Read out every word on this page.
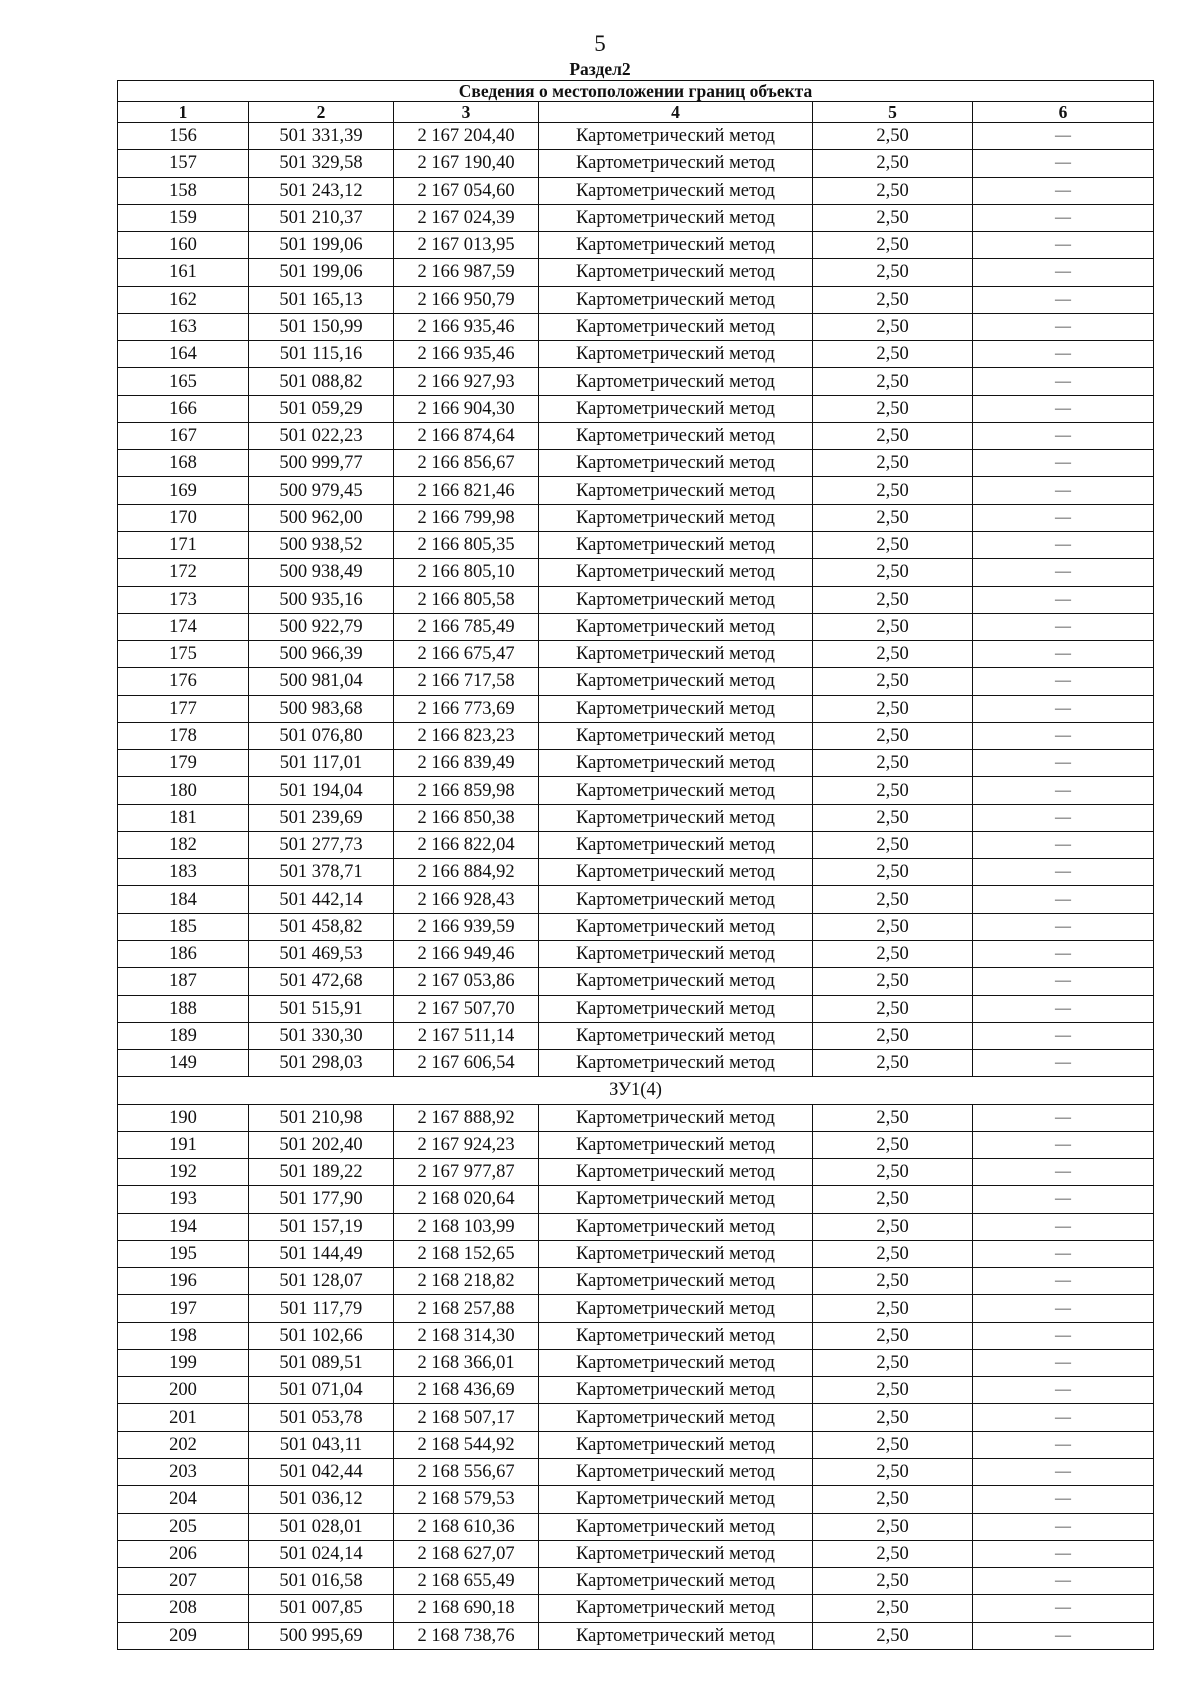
5
Раздел2
Сведения о местоположении границ объекта					
1	2	3	4	5	6
156	501 331,39	2 167 204,40	Картометрический метод	2,50	—
157	501 329,58	2 167 190,40	Картометрический метод	2,50	—
158	501 243,12	2 167 054,60	Картометрический метод	2,50	—
159	501 210,37	2 167 024,39	Картометрический метод	2,50	—
160	501 199,06	2 167 013,95	Картометрический метод	2,50	—
161	501 199,06	2 166 987,59	Картометрический метод	2,50	—
162	501 165,13	2 166 950,79	Картометрический метод	2,50	—
163	501 150,99	2 166 935,46	Картометрический метод	2,50	—
164	501 115,16	2 166 935,46	Картометрический метод	2,50	—
165	501 088,82	2 166 927,93	Картометрический метод	2,50	—
166	501 059,29	2 166 904,30	Картометрический метод	2,50	—
167	501 022,23	2 166 874,64	Картометрический метод	2,50	—
168	500 999,77	2 166 856,67	Картометрический метод	2,50	—
169	500 979,45	2 166 821,46	Картометрический метод	2,50	—
170	500 962,00	2 166 799,98	Картометрический метод	2,50	—
171	500 938,52	2 166 805,35	Картометрический метод	2,50	—
172	500 938,49	2 166 805,10	Картометрический метод	2,50	—
173	500 935,16	2 166 805,58	Картометрический метод	2,50	—
174	500 922,79	2 166 785,49	Картометрический метод	2,50	—
175	500 966,39	2 166 675,47	Картометрический метод	2,50	—
176	500 981,04	2 166 717,58	Картометрический метод	2,50	—
177	500 983,68	2 166 773,69	Картометрический метод	2,50	—
178	501 076,80	2 166 823,23	Картометрический метод	2,50	—
179	501 117,01	2 166 839,49	Картометрический метод	2,50	—
180	501 194,04	2 166 859,98	Картометрический метод	2,50	—
181	501 239,69	2 166 850,38	Картометрический метод	2,50	—
182	501 277,73	2 166 822,04	Картометрический метод	2,50	—
183	501 378,71	2 166 884,92	Картометрический метод	2,50	—
184	501 442,14	2 166 928,43	Картометрический метод	2,50	—
185	501 458,82	2 166 939,59	Картометрический метод	2,50	—
186	501 469,53	2 166 949,46	Картометрический метод	2,50	—
187	501 472,68	2 167 053,86	Картометрический метод	2,50	—
188	501 515,91	2 167 507,70	Картометрический метод	2,50	—
189	501 330,30	2 167 511,14	Картометрический метод	2,50	—
149	501 298,03	2 167 606,54	Картометрический метод	2,50	—
ЗУ1(4)					
190	501 210,98	2 167 888,92	Картометрический метод	2,50	—
191	501 202,40	2 167 924,23	Картометрический метод	2,50	—
192	501 189,22	2 167 977,87	Картометрический метод	2,50	—
193	501 177,90	2 168 020,64	Картометрический метод	2,50	—
194	501 157,19	2 168 103,99	Картометрический метод	2,50	—
195	501 144,49	2 168 152,65	Картометрический метод	2,50	—
196	501 128,07	2 168 218,82	Картометрический метод	2,50	—
197	501 117,79	2 168 257,88	Картометрический метод	2,50	—
198	501 102,66	2 168 314,30	Картометрический метод	2,50	—
199	501 089,51	2 168 366,01	Картометрический метод	2,50	—
200	501 071,04	2 168 436,69	Картометрический метод	2,50	—
201	501 053,78	2 168 507,17	Картометрический метод	2,50	—
202	501 043,11	2 168 544,92	Картометрический метод	2,50	—
203	501 042,44	2 168 556,67	Картометрический метод	2,50	—
204	501 036,12	2 168 579,53	Картометрический метод	2,50	—
205	501 028,01	2 168 610,36	Картометрический метод	2,50	—
206	501 024,14	2 168 627,07	Картометрический метод	2,50	—
207	501 016,58	2 168 655,49	Картометрический метод	2,50	—
208	501 007,85	2 168 690,18	Картометрический метод	2,50	—
209	500 995,69	2 168 738,76	Картометрический метод	2,50	—
